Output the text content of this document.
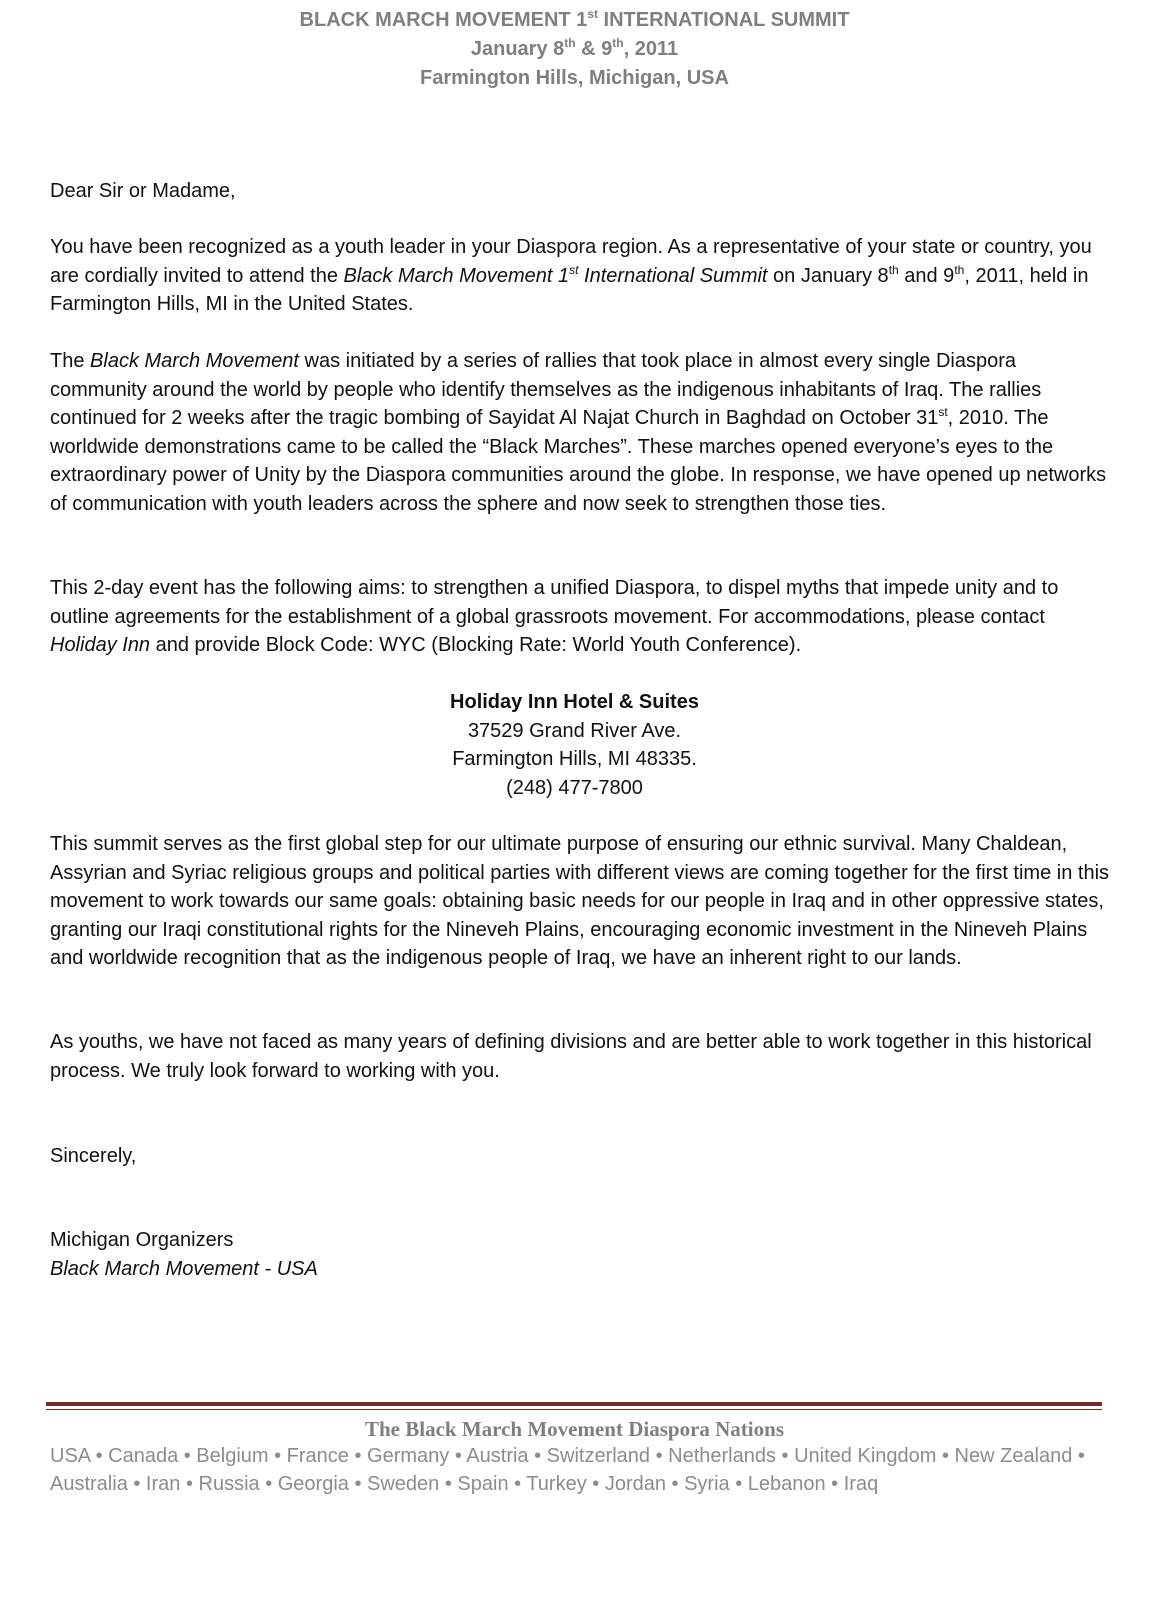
BLACK MARCH MOVEMENT 1st INTERNATIONAL SUMMIT
January 8th & 9th, 2011
Farmington Hills, Michigan, USA
Dear Sir or Madame,
You have been recognized as a youth leader in your Diaspora region. As a representative of your state or country, you are cordially invited to attend the Black March Movement 1st International Summit on January 8th and 9th, 2011, held in Farmington Hills, MI in the United States.
The Black March Movement was initiated by a series of rallies that took place in almost every single Diaspora community around the world by people who identify themselves as the indigenous inhabitants of Iraq. The rallies continued for 2 weeks after the tragic bombing of Sayidat Al Najat Church in Baghdad on October 31st, 2010. The worldwide demonstrations came to be called the “Black Marches”. These marches opened everyone’s eyes to the extraordinary power of Unity by the Diaspora communities around the globe. In response, we have opened up networks of communication with youth leaders across the sphere and now seek to strengthen those ties.
This 2-day event has the following aims: to strengthen a unified Diaspora, to dispel myths that impede unity and to outline agreements for the establishment of a global grassroots movement. For accommodations, please contact Holiday Inn and provide Block Code: WYC (Blocking Rate: World Youth Conference).
Holiday Inn Hotel & Suites
37529 Grand River Ave.
Farmington Hills, MI 48335.
(248) 477-7800
This summit serves as the first global step for our ultimate purpose of ensuring our ethnic survival. Many Chaldean, Assyrian and Syriac religious groups and political parties with different views are coming together for the first time in this movement to work towards our same goals: obtaining basic needs for our people in Iraq and in other oppressive states, granting our Iraqi constitutional rights for the Nineveh Plains, encouraging economic investment in the Nineveh Plains and worldwide recognition that as the indigenous people of Iraq, we have an inherent right to our lands.
As youths, we have not faced as many years of defining divisions and are better able to work together in this historical process. We truly look forward to working with you.
Sincerely,
Michigan Organizers
Black March Movement - USA
The Black March Movement Diaspora Nations
USA • Canada • Belgium • France • Germany • Austria • Switzerland • Netherlands • United Kingdom • New Zealand • Australia • Iran • Russia • Georgia • Sweden • Spain • Turkey • Jordan • Syria • Lebanon • Iraq
